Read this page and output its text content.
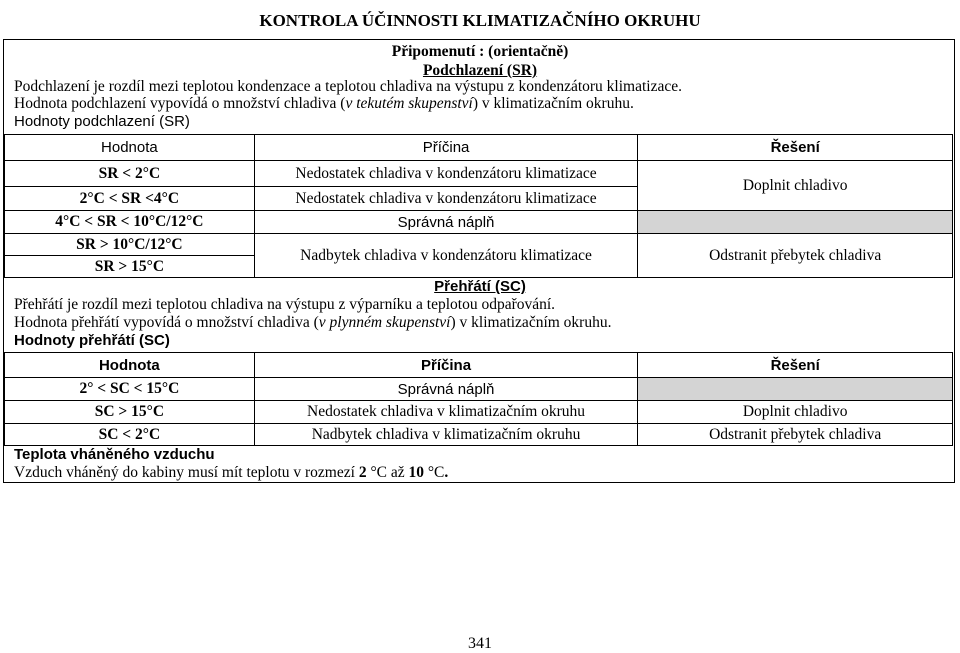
KONTROLA ÚČINNOSTI KLIMATIZAČNÍHO OKRUHU
Připomenutí : (orientačně)
Podchlazení (SR)
Podchlazení je rozdíl mezi teplotou kondenzace a teplotou chladiva na výstupu z kondenzátoru klimatizace.
Hodnota podchlazení vypovídá o množství chladiva (v tekutém skupenství) v klimatizačním okruhu.
Hodnoty podchlazení (SR)
Hodnota	Příčina	Řešení
SR < 2°C	Nedostatek chladiva v kondenzátoru klimatizace	Doplnit chladivo
2°C < SR <4°C	Nedostatek chladiva v kondenzátoru klimatizace	
4°C < SR < 10°C/12°C	Správná náplň	
SR > 10°C/12°C	Nadbytek chladiva v kondenzátoru klimatizace	Odstranit přebytek chladiva
SR > 15°C		
Přehřátí (SC)
Přehřátí je rozdíl mezi teplotou chladiva na výstupu z výparníku a teplotou odpařování.
Hodnota přehřátí vypovídá o množství chladiva (v plynném skupenství) v klimatizačním okruhu.
Hodnoty přehřátí (SC)
Hodnota	Příčina	Řešení
2° < SC < 15°C	Správná náplň	
SC > 15°C	Nedostatek chladiva v klimatizačním okruhu	Doplnit chladivo
SC < 2°C	Nadbytek chladiva v klimatizačním okruhu	Odstranit přebytek chladiva
Teplota vháněného vzduchu
Vzduch vháněný do kabiny musí mít teplotu v rozmezí 2 °C až 10 °C.
341
